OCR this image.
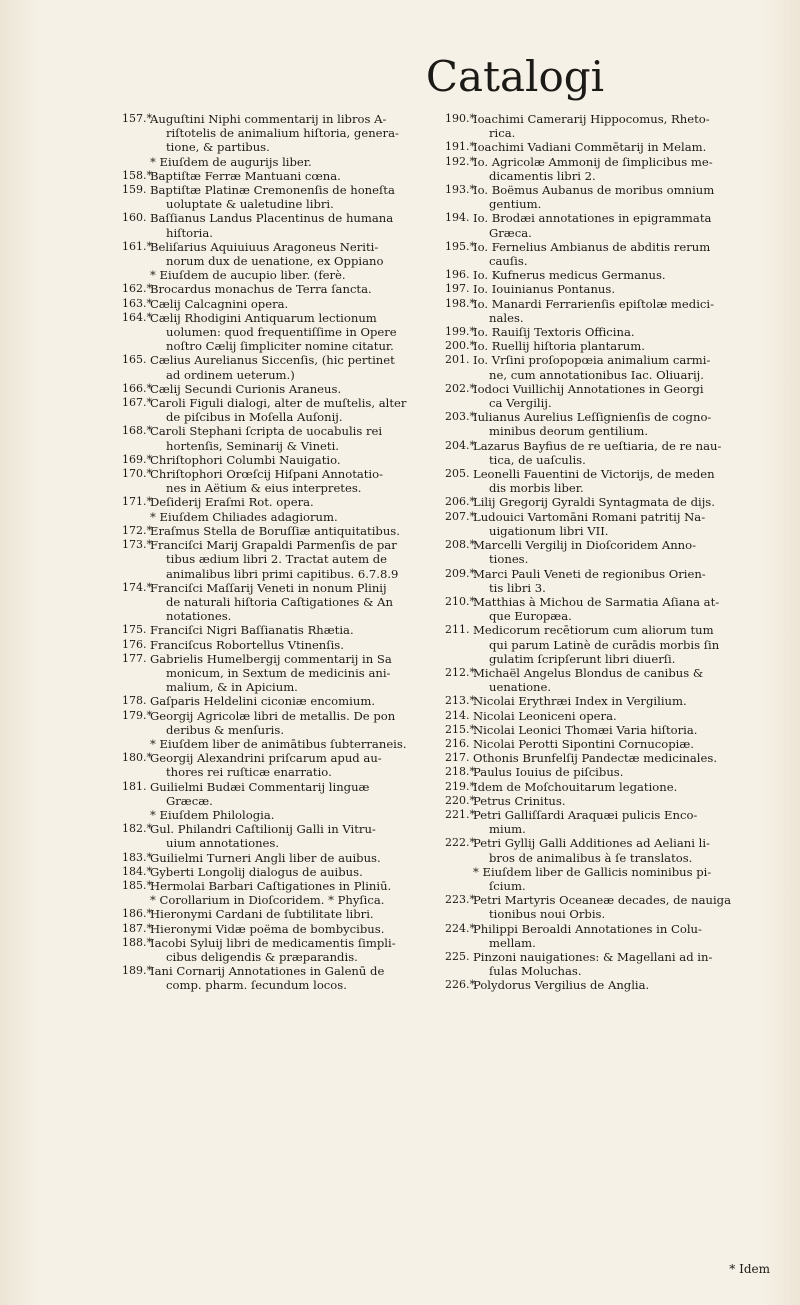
Catalogi
157.*
Auguſtini Niphi commentarij in libros A-
riſtotelis de animalium hiſtoria, genera-
tione, & partibus.
* Eiuſdem de augurijs liber.
158.*
Baptiſtæ Ferræ Mantuani cœna.
159. Baptiſtæ Platinæ Cremonenſis de honeſta
uoluptate & ualetudine libri.
160. Baſſianus Landus Placentinus de humana
hiſtoria.
161.*
Beliſarius Aquiuiuus Aragoneus Neriti-
norum dux de uenatione, ex Oppiano
* Eiuſdem de aucupio liber. (ferè.
162.*
Brocardus monachus de Terra ſancta.
163.*
Cælij Calcagnini opera.
164.*
Cælij Rhodigini Antiquarum lectionum
uolumen: quod frequentiſſime in Opere
noſtro Cælij ſimpliciter nomine citatur.
165. Cælius Aurelianus Siccenſis, (hic pertinet
ad ordinem ueterum.)
166.*
Cælij Secundi Curionis Araneus.
167.*
Caroli Figuli dialogi, alter de muſtelis, alter
de piſcibus in Moſella Auſonij.
168.*
Caroli Stephani ſcripta de uocabulis rei
hortenſis, Seminarij & Vineti.
169.*
Chriſtophori Columbi Nauigatio.
170.*
Chriſtophori Orœſcij Hiſpani Annotatio-
nes in Aëtium & eius interpretes.
171.*
Deſiderij Eraſmi Rot. opera.
* Eiuſdem Chiliades adagiorum.
172.*
Eraſmus Stella de Boruſſiæ antiquitatibus.
173.*
Franciſci Marij Grapaldi Parmenſis de par
tibus ædium libri 2. Tractat autem de
animalibus libri primi capitibus. 6.7.8.9
174.*
Franciſci Maſſarij Veneti in nonum Plinij
de naturali hiſtoria Caſtigationes & An
notationes.
175. Franciſci Nigri Baſſianatis Rhætia.
176. Franciſcus Robortellus Vtinenſis.
177. Gabrielis Humelbergij commentarij in Sa
monicum, in Sextum de medicinis ani-
malium, & in Apicium.
178. Gaſparis Heldelini ciconiæ encomium.
179.*
Georgij Agricolæ libri de metallis. De pon
deribus & menſuris.
* Eiuſdem liber de animātibus ſubterraneis.
180.*
Georgij Alexandrini priſcarum apud au-
thores rei ruſticæ enarratio.
181. Guilielmi Budæi Commentarij linguæ
Græcæ.
* Eiuſdem Philologia.
182.*
Gul. Philandri Caſtilionij Galli in Vitru-
uium annotationes.
183.*
Guilielmi Turneri Angli liber de auibus.
184.*
Gyberti Longolij dialogus de auibus.
185.*
Hermolai Barbari Caſtigationes in Pliniū.
* Corollarium in Dioſcoridem. * Phyſica.
186.*
Hieronymi Cardani de ſubtilitate libri.
187.*
Hieronymi Vidæ poëma de bombycibus.
188.*
Iacobi Syluij libri de medicamentis ſimpli-
cibus deligendis & præparandis.
189.*
Iani Cornarij Annotationes in Galenū de
comp. pharm. ſecundum locos.
190.*
Ioachimi Camerarij Hippocomus, Rheto-
rica.
191.*
Ioachimi Vadiani Commētarij in Melam.
192.*
Io. Agricolæ Ammonij de ſimplicibus me-
dicamentis libri 2.
193.*
Io. Boëmus Aubanus de moribus omnium
gentium.
194. Io. Brodæi annotationes in epigrammata
Græca.
195.*
Io. Fernelius Ambianus de abditis rerum
cauſis.
196. Io. Kufnerus medicus Germanus.
197. Io. Iouinianus Pontanus.
198.*
Io. Manardi Ferrarienſis epiſtolæ medici-
nales.
199.*
Io. Rauiſij Textoris Officina.
200.*
Io. Ruellij hiſtoria plantarum.
201. Io. Vrſini proſopopœia animalium carmi-
ne, cum annotationibus Iac. Oliuarij.
202.*
Iodoci Vuillichij Annotationes in Georgi
ca Vergilij.
203.*
Iulianus Aurelius Leſſignienſis de cogno-
minibus deorum gentilium.
204.*
Lazarus Bayfius de re ueſtiaria, de re nau-
tica, de uaſculis.
205. Leonelli Fauentini de Victorijs, de meden
dis morbis liber.
206.*
Lilij Gregorij Gyraldi Syntagmata de dijs.
207.*
Ludouici Vartomāni Romani patritij Na-
uigationum libri VII.
208.*
Marcelli Vergilij in Dioſcoridem Anno-
tiones.
209.*
Marci Pauli Veneti de regionibus Orien-
tis libri 3.
210.*
Matthias à Michou de Sarmatia Aſiana at-
que Europæa.
211. Medicorum recētiorum cum aliorum tum
qui parum Latinè de curādis morbis ſin
gulatim ſcripſerunt libri diuerſi.
212.*
Michaël Angelus Blondus de canibus &
uenatione.
213.*
Nicolai Erythræi Index in Vergilium.
214. Nicolai Leoniceni opera.
215.*
Nicolai Leonici Thomæi Varia hiſtoria.
216. Nicolai Perotti Sipontini Cornucopiæ.
217. Othonis Brunfelſij Pandectæ medicinales.
218.*
Paulus Iouius de piſcibus.
219.*
Idem de Moſchouitarum legatione.
220.*
Petrus Crinitus.
221.*
Petri Galliſſardi Araquæi pulicis Enco-
mium.
222.*
Petri Gyllij Galli Additiones ad Aeliani li-
bros de animalibus à ſe translatos.
* Eiuſdem liber de Gallicis nominibus pi-
ſcium.
223.*
Petri Martyris Oceaneæ decades, de nauiga
tionibus noui Orbis.
224.*
Philippi Beroaldi Annotationes in Colu-
mellam.
225. Pinzoni nauigationes: & Magellani ad in-
ſulas Moluchas.
226.*
Polydorus Vergilius de Anglia.
* Idem
